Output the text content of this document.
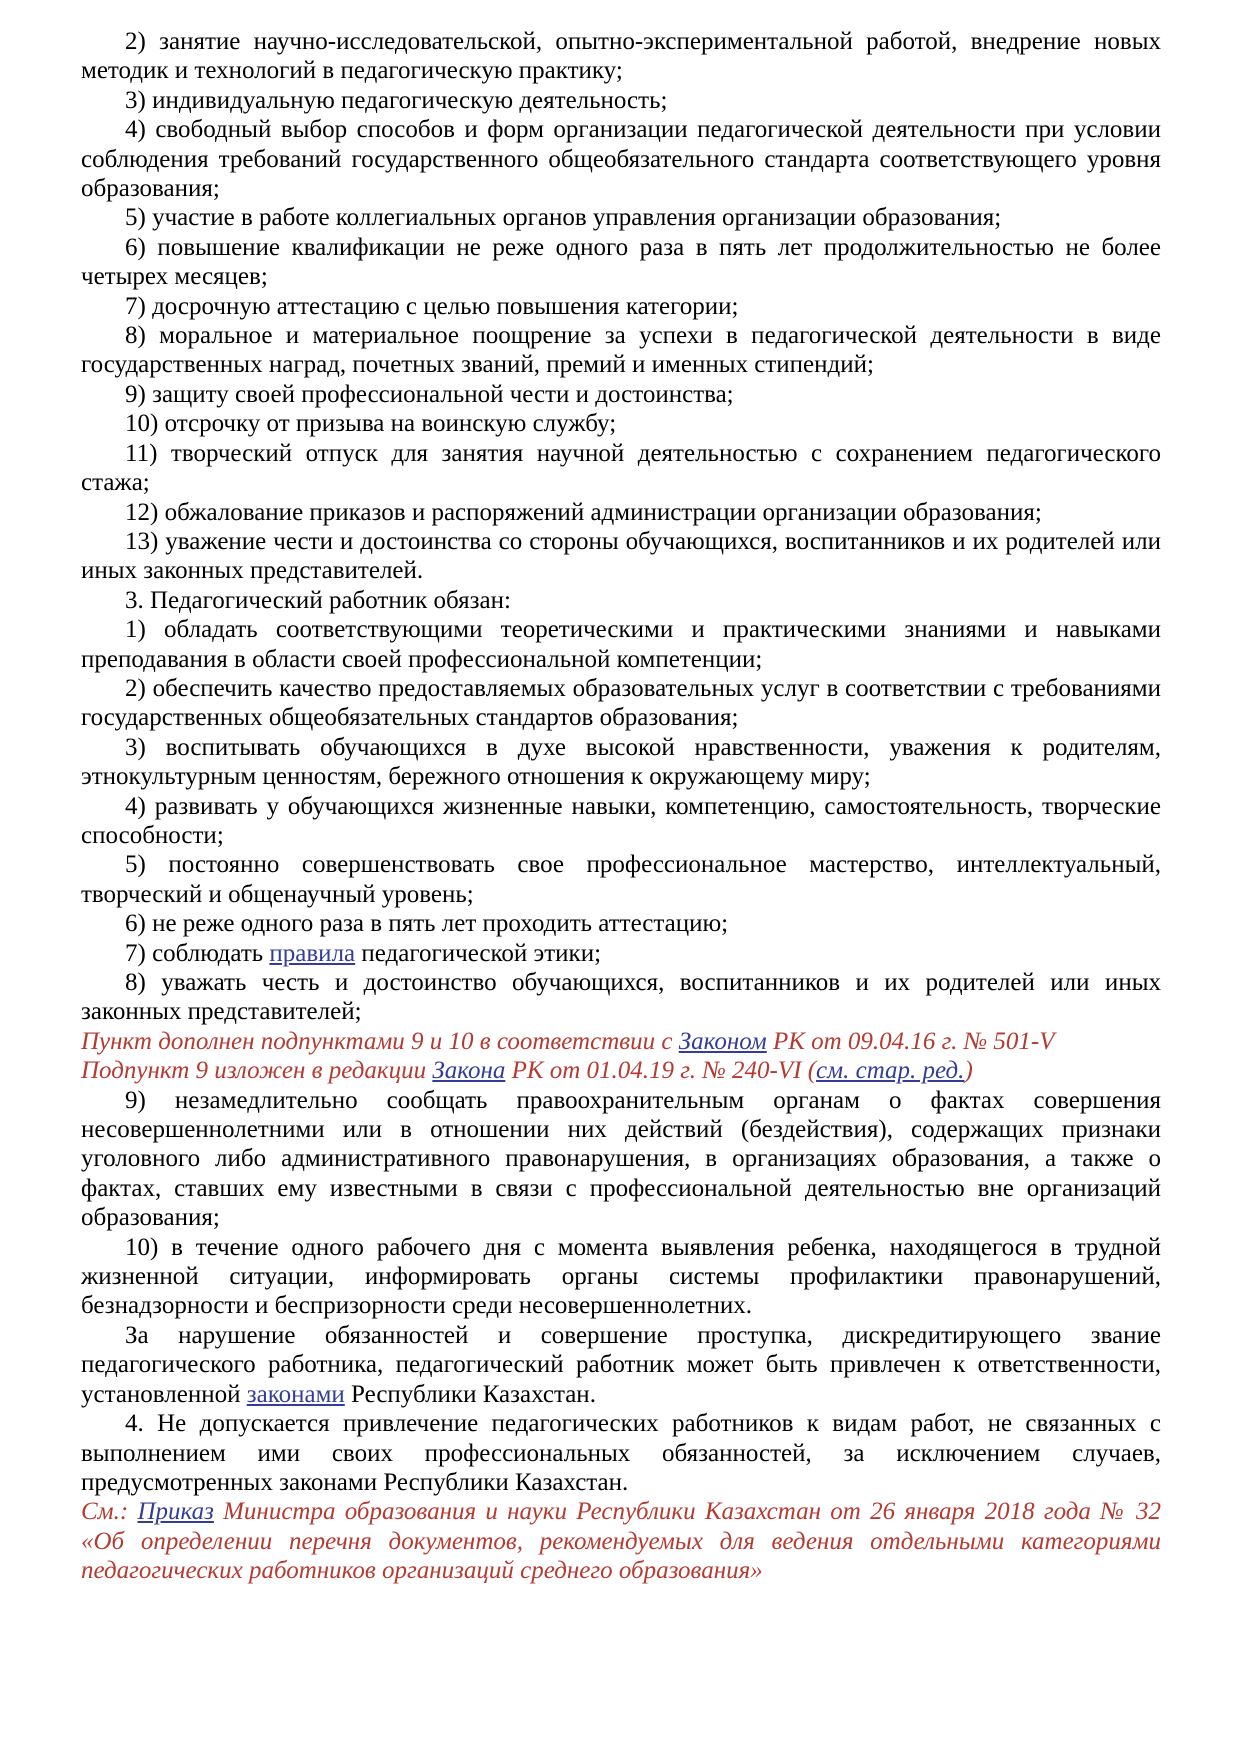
2) занятие научно-исследовательской, опытно-экспериментальной работой, внедрение новых методик и технологий в педагогическую практику;

3) индивидуальную педагогическую деятельность;

4) свободный выбор способов и форм организации педагогической деятельности при условии соблюдения требований государственного общеобязательного стандарта соответствующего уровня образования;

5) участие в работе коллегиальных органов управления организации образования;

6) повышение квалификации не реже одного раза в пять лет продолжительностью не более четырех месяцев;

7) досрочную аттестацию с целью повышения категории;

8) моральное и материальное поощрение за успехи в педагогической деятельности в виде государственных наград, почетных званий, премий и именных стипендий;

9) защиту своей профессиональной чести и достоинства;

10) отсрочку от призыва на воинскую службу;

11) творческий отпуск для занятия научной деятельностью с сохранением педагогического стажа;

12) обжалование приказов и распоряжений администрации организации образования;

13) уважение чести и достоинства со стороны обучающихся, воспитанников и их родителей или иных законных представителей.

3. Педагогический работник обязан:

1) обладать соответствующими теоретическими и практическими знаниями и навыками преподавания в области своей профессиональной компетенции;

2) обеспечить качество предоставляемых образовательных услуг в соответствии с требованиями государственных общеобязательных стандартов образования;

3) воспитывать обучающихся в духе высокой нравственности, уважения к родителям, этнокультурным ценностям, бережного отношения к окружающему миру;

4) развивать у обучающихся жизненные навыки, компетенцию, самостоятельность, творческие способности;

5) постоянно совершенствовать свое профессиональное мастерство, интеллектуальный, творческий и общенаучный уровень;

6) не реже одного раза в пять лет проходить аттестацию;

7) соблюдать правила педагогической этики;

8) уважать честь и достоинство обучающихся, воспитанников и их родителей или иных законных представителей;

Пункт дополнен подпунктами 9 и 10 в соответствии с Законом РК от 09.04.16 г. № 501-V

Подпункт 9 изложен в редакции Закона РК от 01.04.19 г. № 240-VI (см. стар. ред.)

9) незамедлительно сообщать правоохранительным органам о фактах совершения несовершеннолетними или в отношении них действий (бездействия), содержащих признаки уголовного либо административного правонарушения, в организациях образования, а также о фактах, ставших ему известными в связи с профессиональной деятельностью вне организаций образования;

10) в течение одного рабочего дня с момента выявления ребенка, находящегося в трудной жизненной ситуации, информировать органы системы профилактики правонарушений, безнадзорности и беспризорности среди несовершеннолетних.

За нарушение обязанностей и совершение проступка, дискредитирующего звание педагогического работника, педагогический работник может быть привлечен к ответственности, установленной законами Республики Казахстан.

4. Не допускается привлечение педагогических работников к видам работ, не связанных с выполнением ими своих профессиональных обязанностей, за исключением случаев, предусмотренных законами Республики Казахстан.

См.: Приказ Министра образования и науки Республики Казахстан от 26 января 2018 года № 32 «Об определении перечня документов, рекомендуемых для ведения отдельными категориями педагогических работников организаций среднего образования»
